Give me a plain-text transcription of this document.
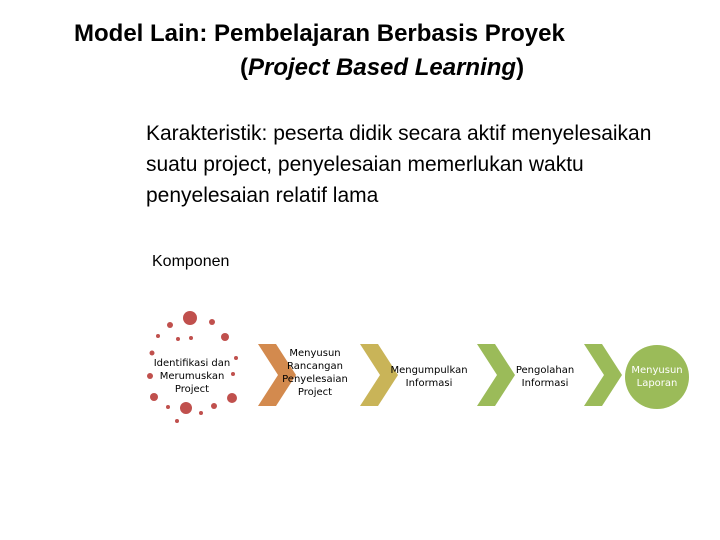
Model Lain: Pembelajaran Berbasis Proyek
(Project Based Learning)
Karakteristik: peserta didik secara aktif menyelesaikan suatu project, penyelesaian memerlukan waktu penyelesaian relatif lama
Komponen
Identifikasi dan Merumuskan Project
Menyusun Rancangan Penyelesaian Project
Mengumpulkan Informasi
Pengolahan Informasi
Menyusun Laporan
